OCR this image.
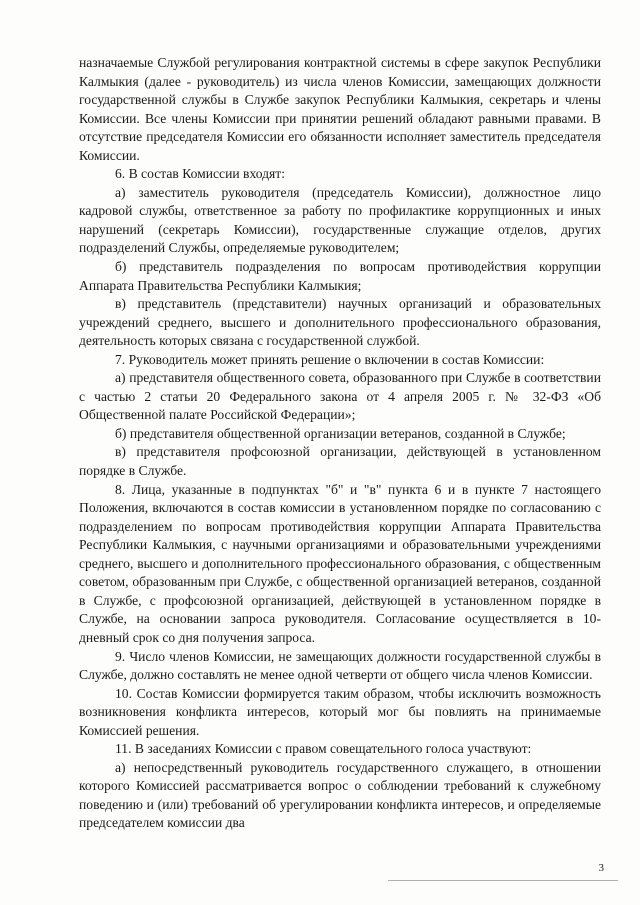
назначаемые Службой регулирования контрактной системы в сфере закупок Республики Калмыкия (далее - руководитель) из числа членов Комиссии, замещающих должности государственной службы в Службе закупок Республики Калмыкия, секретарь и члены Комиссии. Все члены Комиссии при принятии решений обладают равными правами. В отсутствие председателя Комиссии его обязанности исполняет заместитель председателя Комиссии.

6. В состав Комиссии входят:

а) заместитель руководителя (председатель Комиссии), должностное лицо кадровой службы, ответственное за работу по профилактике коррупционных и иных нарушений (секретарь Комиссии), государственные служащие отделов, других подразделений Службы, определяемые руководителем;

б) представитель подразделения по вопросам противодействия коррупции Аппарата Правительства Республики Калмыкия;

в) представитель (представители) научных организаций и образовательных учреждений среднего, высшего и дополнительного профессионального образования, деятельность которых связана с государственной службой.

7. Руководитель может принять решение о включении в состав Комиссии:

а) представителя общественного совета, образованного при Службе в соответствии с частью 2 статьи 20 Федерального закона от 4 апреля 2005 г. № 32-ФЗ «Об Общественной палате Российской Федерации»;

б) представителя общественной организации ветеранов, созданной в Службе;

в) представителя профсоюзной организации, действующей в установленном порядке в Службе.

8. Лица, указанные в подпунктах "б" и "в" пункта 6 и в пункте 7 настоящего Положения, включаются в состав комиссии в установленном порядке по согласованию с подразделением по вопросам противодействия коррупции Аппарата Правительства Республики Калмыкия, с научными организациями и образовательными учреждениями среднего, высшего и дополнительного профессионального образования, с общественным советом, образованным при Службе, с общественной организацией ветеранов, созданной в Службе, с профсоюзной организацией, действующей в установленном порядке в Службе, на основании запроса руководителя. Согласование осуществляется в 10-дневный срок со дня получения запроса.

9. Число членов Комиссии, не замещающих должности государственной службы в Службе, должно составлять не менее одной четверти от общего числа членов Комиссии.

10. Состав Комиссии формируется таким образом, чтобы исключить возможность возникновения конфликта интересов, который мог бы повлиять на принимаемые Комиссией решения.

11. В заседаниях Комиссии с правом совещательного голоса участвуют:

а) непосредственный руководитель государственного служащего, в отношении которого Комиссией рассматривается вопрос о соблюдении требований к служебному поведению и (или) требований об урегулировании конфликта интересов, и определяемые председателем комиссии два

3
